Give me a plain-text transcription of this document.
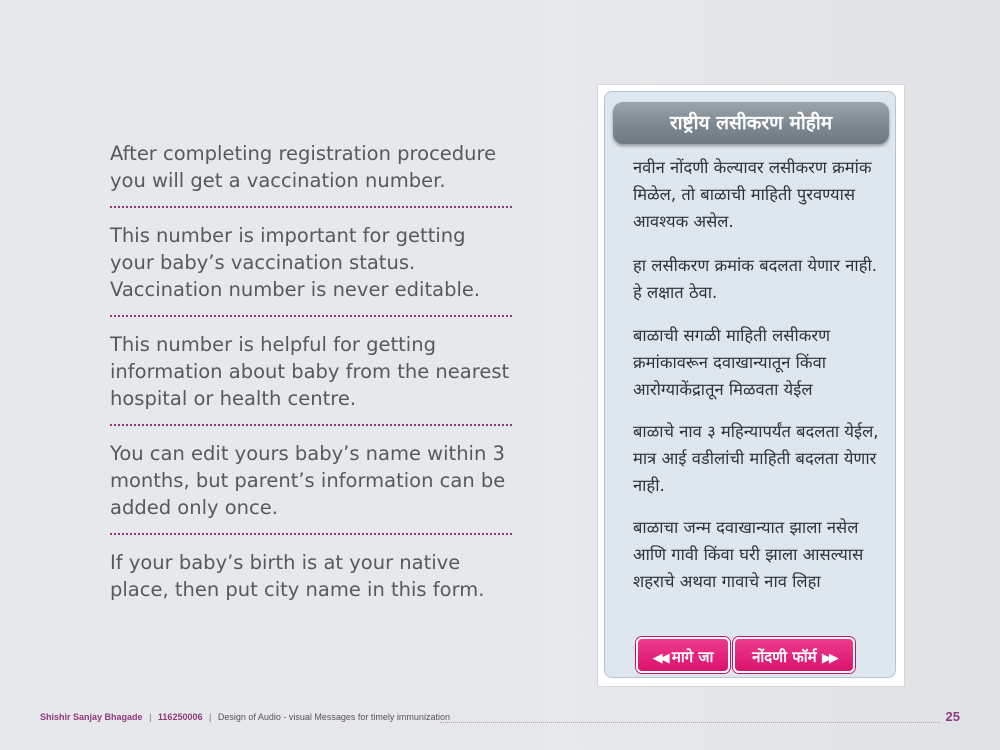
After completing registration procedure you will get a vaccination number.

This number is important for getting your baby’s vaccination status. Vaccination number is never editable.

This number is helpful for getting information about baby from the nearest hospital or health centre.

You can edit yours baby’s name within 3 months, but parent’s information can be added only once.

If your baby’s birth is at your native place, then put city name in this form.

राष्ट्रीय लसीकरण मोहीम
नवीन नोंदणी केल्यावर लसीकरण क्रमांक मिळेल, तो बाळाची माहिती पुरवण्यास आवश्यक असेल.
हा लसीकरण क्रमांक बदलता येणार नाही. हे लक्षात ठेवा.
बाळाची सगळी माहिती लसीकरण क्रमांकावरून दवाखान्यातून किंवा आरोग्याकेंद्रातून मिळवता येईल
बाळाचे नाव ३ महिन्यापर्यंत बदलता येईल, मात्र आई वडीलांची माहिती बदलता येणार नाही.
बाळाचा जन्म दवाखान्यात झाला नसेल आणि गावी किंवा घरी झाला आसल्यास शहराचे अथवा गावाचे नाव लिहा
◀◀ मागे जा	नोंदणी फॉर्म ▶▶
Shishir Sanjay Bhagade | 116250006 | Design of Audio - visual Messages for timely immunization	25
